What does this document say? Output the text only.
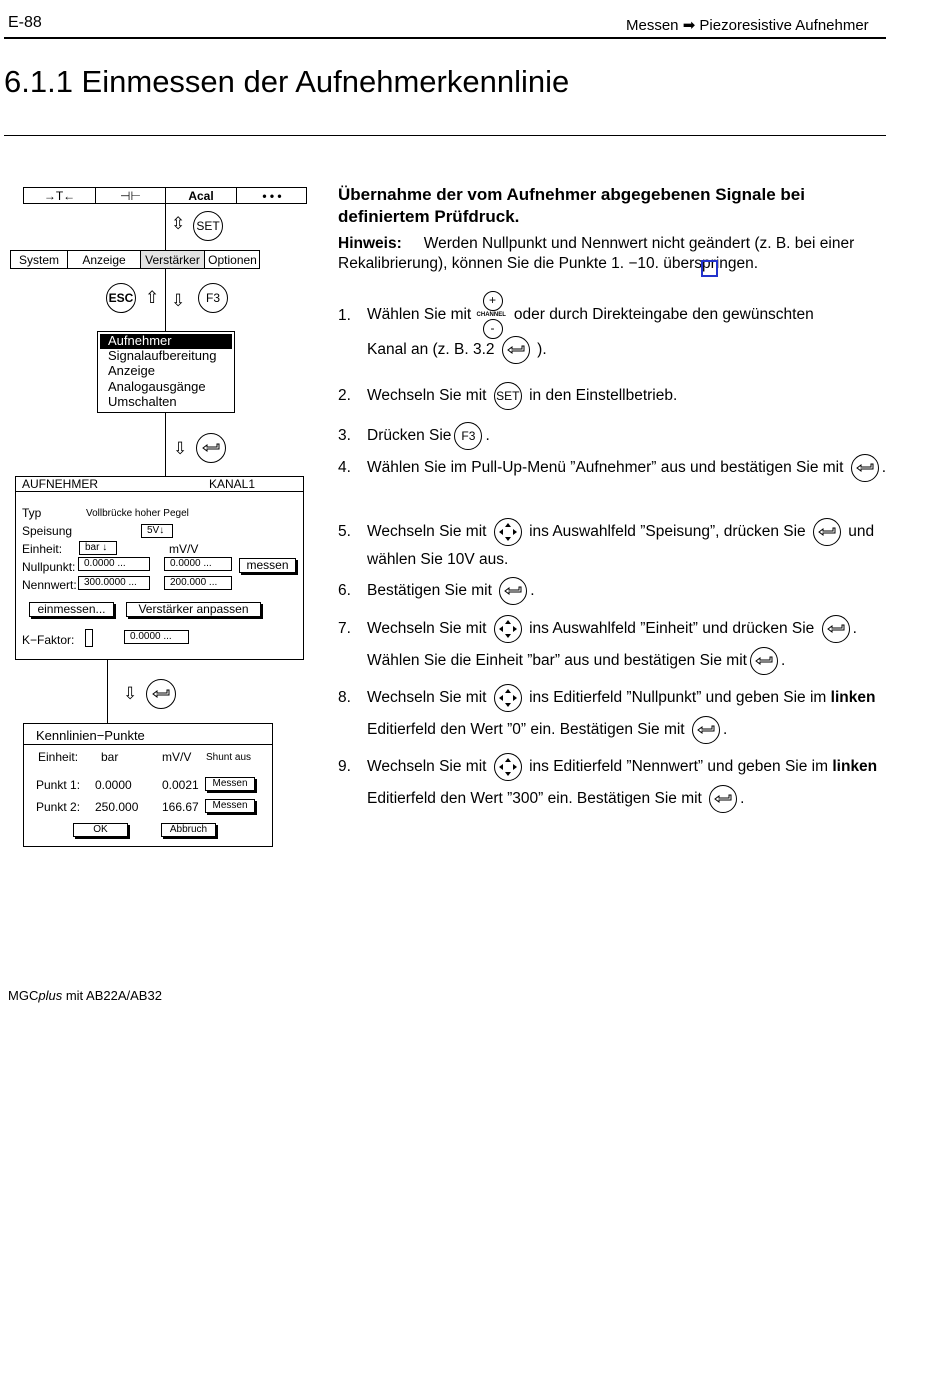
E-88	Messen ➡ Piezoresistive Aufnehmer
6.1.1 Einmessen der Aufnehmerkennlinie
→T←	⊣⊢	Acal	• • •
⇳ SET
System	Anzeige	Verstärker Optionen
ESC ⇧ ⇩	F3
Aufnehmer
Signalaufbereitung
Anzeige
Analogausgänge
Umschalten
⇩
AUFNEHMER	KANAL1
Typ	Vollbrücke hoher Pegel
Speisung	5V↓
Einheit:	bar ↓	mV/V
Nullpunkt: 0.0000 ...	0.0000 ...	messen
Nennwert: 300.0000 ...	200.000 ...
einmessen...	Verstärker anpassen
K−Faktor:	0.0000 ...
⇩
Kennlinien−Punkte
Einheit: bar	mV/V Shunt aus
Punkt 1: 0.0000	0.0021	Messen
Punkt 2: 250.000 166.67	Messen
OK	Abbruch
Übernahme der vom Aufnehmer abgegebenen Signale bei definiertem Prüfdruck.
Hinweis: Werden Nullpunkt und Nennwert nicht geändert (z. B. bei einer Rekalibrierung), können Sie die Punkte 1. −10. überspringen.
1. Wählen Sie mit
+
CHANNEL
-
oder durch Direkteingabe den gewünschten
Kanal an (z. B. 3.2	).
2. Wechseln Sie mit SET in den Einstellbetrieb.
3. Drücken Sie F3 .
4. Wählen Sie im Pull-Up-Menü ”Aufnehmer” aus und bestätigen Sie mit .
5. Wechseln Sie mit	ins Auswahlfeld ”Speisung”, drücken Sie	und wählen Sie 10V aus.
6. Bestätigen Sie mit .
7. Wechseln Sie mit	ins Auswahlfeld ”Einheit” und drücken Sie . Wählen Sie die Einheit ”bar” aus und bestätigen Sie mit .
8. Wechseln Sie mit	ins Editierfeld ”Nullpunkt” und geben Sie im linken Editierfeld den Wert ”0” ein. Bestätigen Sie mit .
9. Wechseln Sie mit	ins Editierfeld ”Nennwert” und geben Sie im linken Editierfeld den Wert ”300” ein. Bestätigen Sie mit .
MGCplus mit AB22A/AB32
